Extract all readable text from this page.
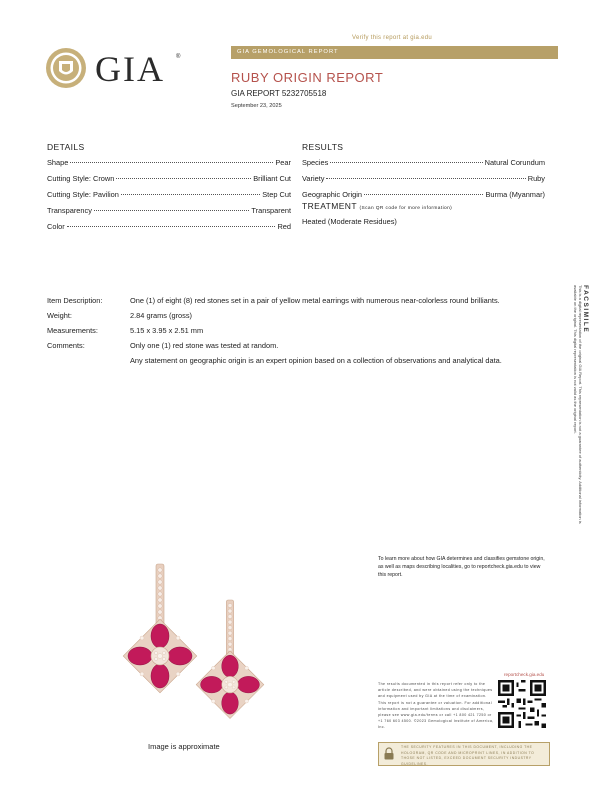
Verify this report at gia.edu
GIA ®
GIA GEMOLOGICAL REPORT
RUBY ORIGIN REPORT
GIA REPORT 5232705518
September 23, 2025
DETAILS
Shape	Pear
Cutting Style: Crown	Brilliant Cut
Cutting Style: Pavilion	Step Cut
Transparency	Transparent
Color	Red
RESULTS
Species	Natural Corundum
Variety	Ruby
Geographic Origin	Burma (Myanmar)
TREATMENT (Scan QR code for more information)
Heated (Moderate Residues)
Item Description:	One (1) of eight (8) red stones set in a pair of yellow metal earrings with numerous near-colorless round brilliants.
Weight:	2.84 grams (gross)
Measurements:	5.15 x 3.95 x 2.51 mm
Comments:	Only one (1) red stone was tested at random.
Any statement on geographic origin is an expert opinion based on a collection of observations and analytical data.
FACSIMILE
This is a digital representation of the original GIA Report. This representation is not a guarantee of authenticity. Additional information is available on the original. This digital representation is not valid as the original report.
To learn more about how GIA determines and classifies gemstone origin, as well as maps describing localities, go to reportcheck.gia.edu to view this report.
Image is approximate
The results documented in this report refer only to the article described, and were obtained using the techniques and equipment used by GIA at the time of examination. This report is not a guarantee or valuation. For additional information and important limitations and disclaimers, please see www.gia.edu/terms or call +1 800 421 7250 or +1 760 603 4500. ©2023 Gemological Institute of America, Inc.
reportcheck.gia.edu
THE SECURITY FEATURES IN THIS DOCUMENT, INCLUDING THE HOLOGRAM, QR CODE AND MICROPRINT LINES, IN ADDITION TO THOSE NOT LISTED, EXCEED DOCUMENT SECURITY INDUSTRY GUIDELINES.
